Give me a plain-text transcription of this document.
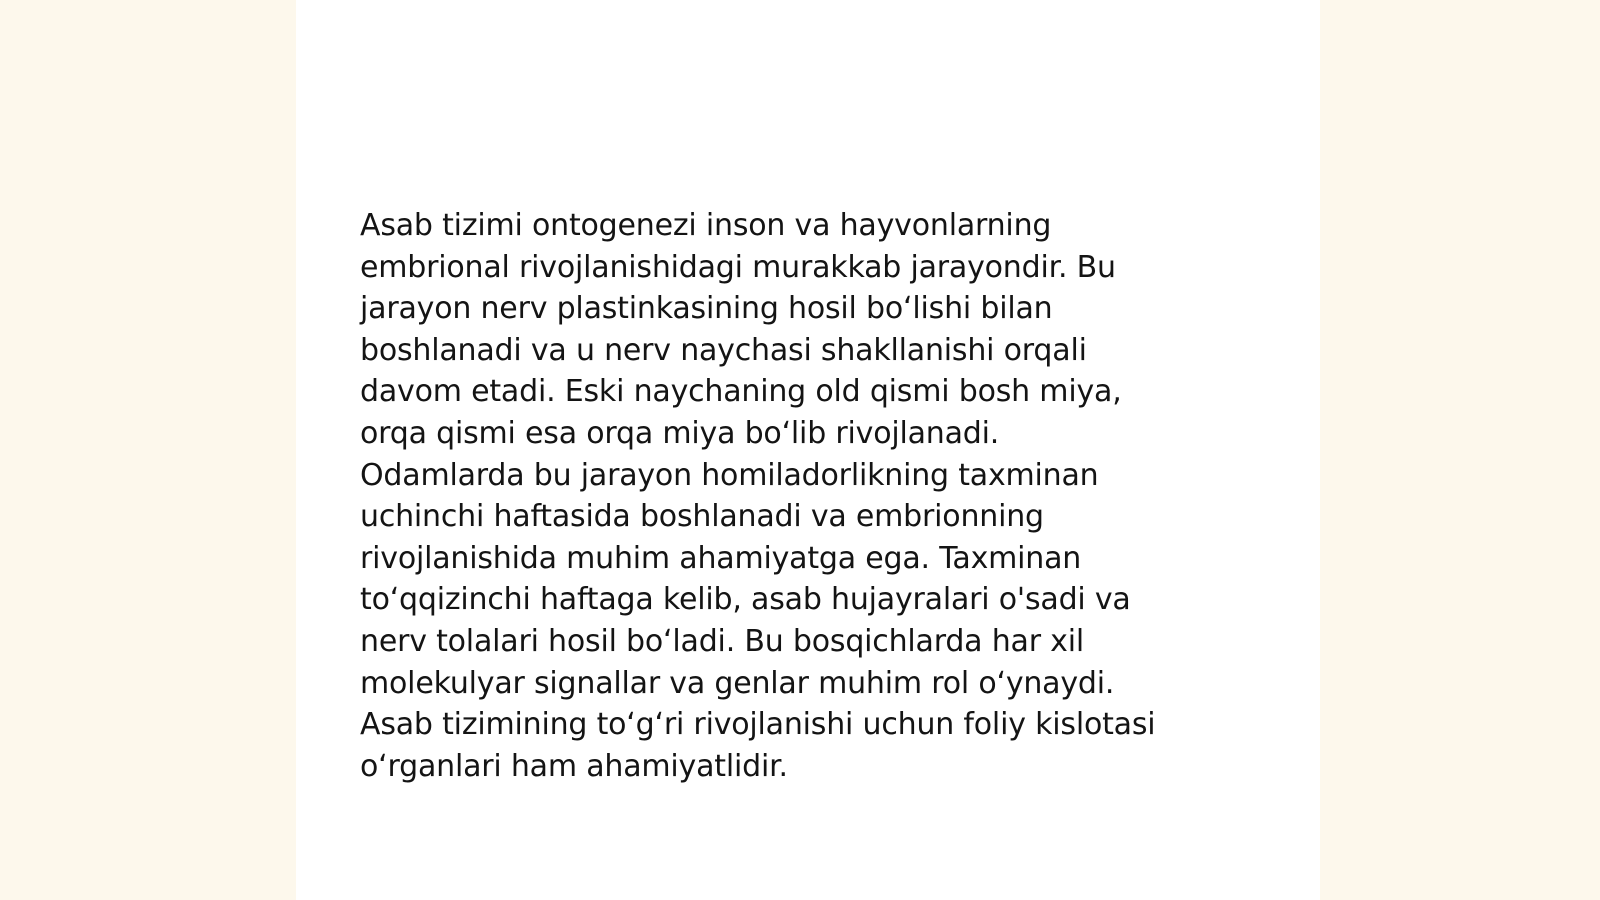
Asab tizimi ontogenezi inson va hayvonlarning
embrional rivojlanishidagi murakkab jarayondir. Bu
jarayon nerv plastinkasining hosil boʻlishi bilan
boshlanadi va u nerv naychasi shakllanishi orqali
davom etadi. Eski naychaning old qismi bosh miya,
orqa qismi esa orqa miya boʻlib rivojlanadi.
Odamlarda bu jarayon homiladorlikning taxminan
uchinchi haftasida boshlanadi va embrionning
rivojlanishida muhim ahamiyatga ega. Taxminan
toʻqqizinchi haftaga kelib, asab hujayralari o'sadi va
nerv tolalari hosil boʻladi. Bu bosqichlarda har xil
molekulyar signallar va genlar muhim rol oʻynaydi.
Asab tizimining toʻgʻri rivojlanishi uchun foliy kislotasi
oʻrganlari ham ahamiyatlidir.
